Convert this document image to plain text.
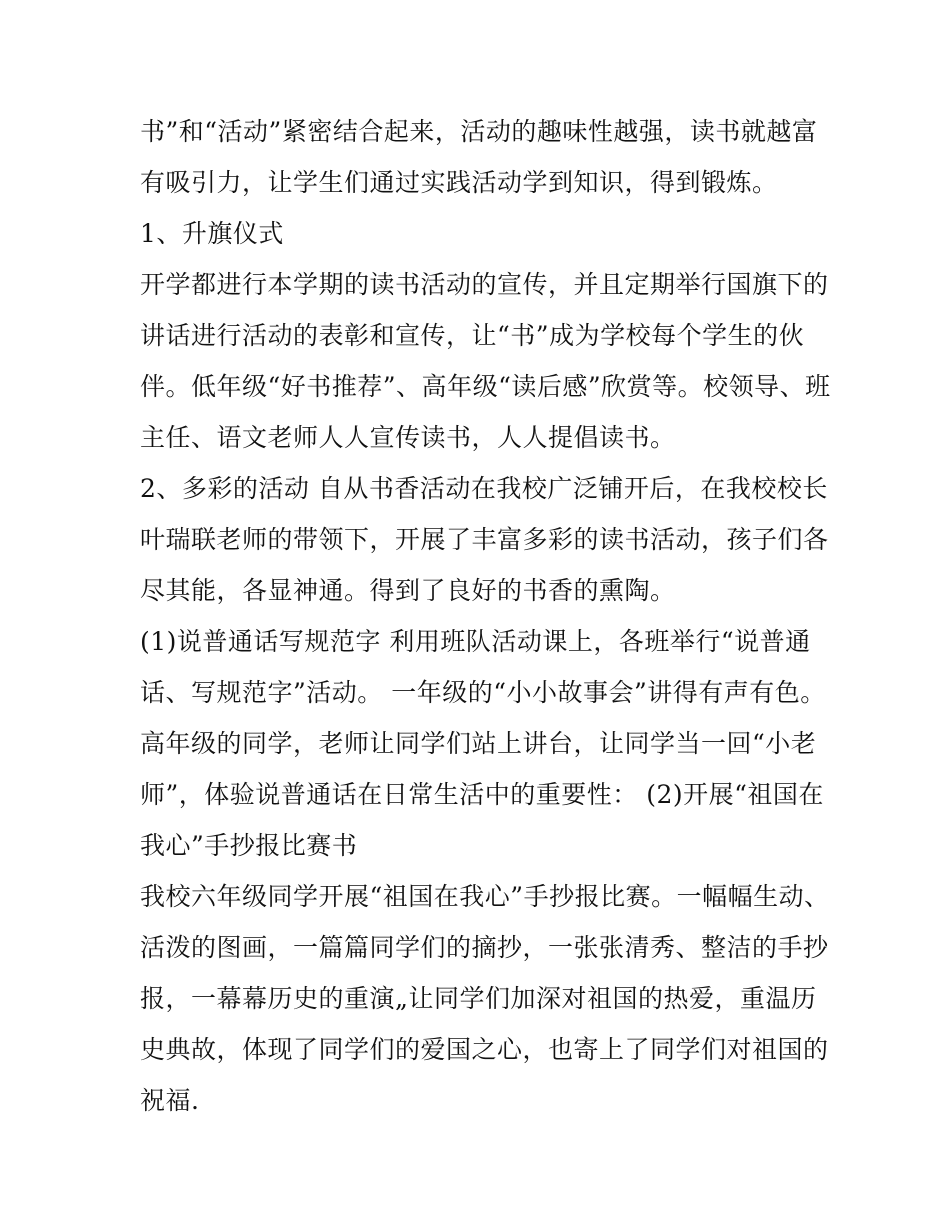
书”和“活动”紧密结合起来，活动的趣味性越强，读书就越富
有吸引力，让学生们通过实践活动学到知识，得到锻炼。
1、升旗仪式
开学都进行本学期的读书活动的宣传，并且定期举行国旗下的
讲话进行活动的表彰和宣传，让“书”成为学校每个学生的伙
伴。低年级“好书推荐”、高年级“读后感”欣赏等。校领导、班
主任、语文老师人人宣传读书，人人提倡读书。
2、多彩的活动 自从书香活动在我校广泛铺开后，在我校校长
叶瑞联老师的带领下，开展了丰富多彩的读书活动，孩子们各
尽其能，各显神通。得到了良好的书香的熏陶。
(1)说普通话写规范字 利用班队活动课上，各班举行“说普通
话、写规范字”活动。 一年级的“小小故事会”讲得有声有色。
高年级的同学，老师让同学们站上讲台，让同学当一回“小老
师”，体验说普通话在日常生活中的重要性： (2)开展“祖国在
我心”手抄报比赛书
我校六年级同学开展“祖国在我心”手抄报比赛。一幅幅生动、
活泼的图画，一篇篇同学们的摘抄，一张张清秀、整洁的手抄
报，一幕幕历史的重演„让同学们加深对祖国的热爱，重温历
史典故，体现了同学们的爱国之心，也寄上了同学们对祖国的
祝福.
